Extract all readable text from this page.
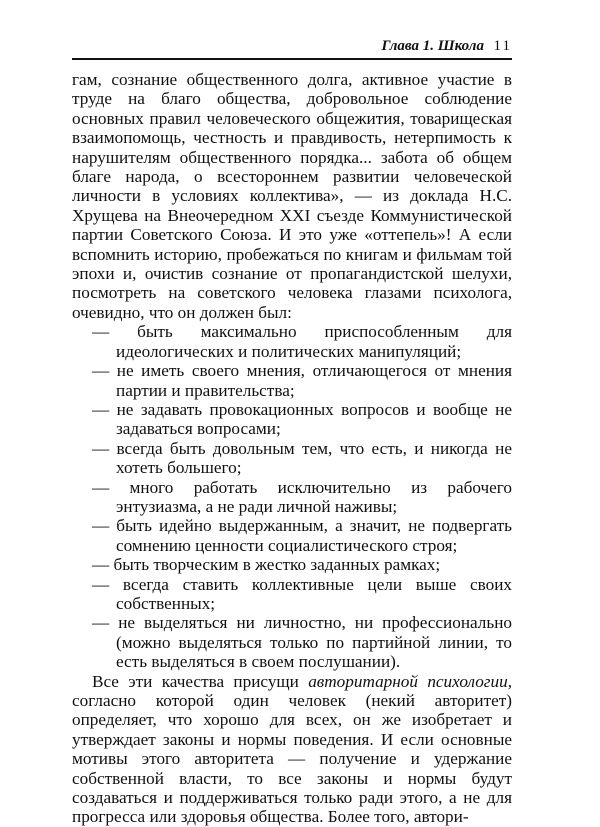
Глава 1. Школа 11

гам, сознание общественного долга, активное участие в труде на благо общества, добровольное соблюдение основных правил человеческого общежития, товарищеская взаимопомощь, честность и правдивость, нетерпимость к нарушителям общественного порядка... забота об общем благе народа, о всестороннем развитии человеческой личности в условиях коллектива», — из доклада Н.С. Хрущева на Внеочередном XXI съезде Коммунистической партии Советского Союза. И это уже «оттепель»! А если вспомнить историю, пробежаться по книгам и фильмам той эпохи и, очистив сознание от пропагандистской шелухи, посмотреть на советского человека глазами психолога, очевидно, что он должен был:

— быть максимально приспособленным для идеологических и политических манипуляций;
— не иметь своего мнения, отличающегося от мнения партии и правительства;
— не задавать провокационных вопросов и вообще не задаваться вопросами;
— всегда быть довольным тем, что есть, и никогда не хотеть большего;
— много работать исключительно из рабочего энтузиазма, а не ради личной наживы;
— быть идейно выдержанным, а значит, не подвергать сомнению ценности социалистического строя;
— быть творческим в жестко заданных рамках;
— всегда ставить коллективные цели выше своих собственных;
— не выделяться ни личностно, ни профессионально (можно выделяться только по партийной линии, то есть выделяться в своем послушании).

Все эти качества присущи авторитарной психологии, согласно которой один человек (некий авторитет) определяет, что хорошо для всех, он же изобретает и утверждает законы и нормы поведения. И если основные мотивы этого авторитета — получение и удержание собственной власти, то все законы и нормы будут создаваться и поддерживаться только ради этого, а не для прогресса или здоровья общества. Более того, автори-
